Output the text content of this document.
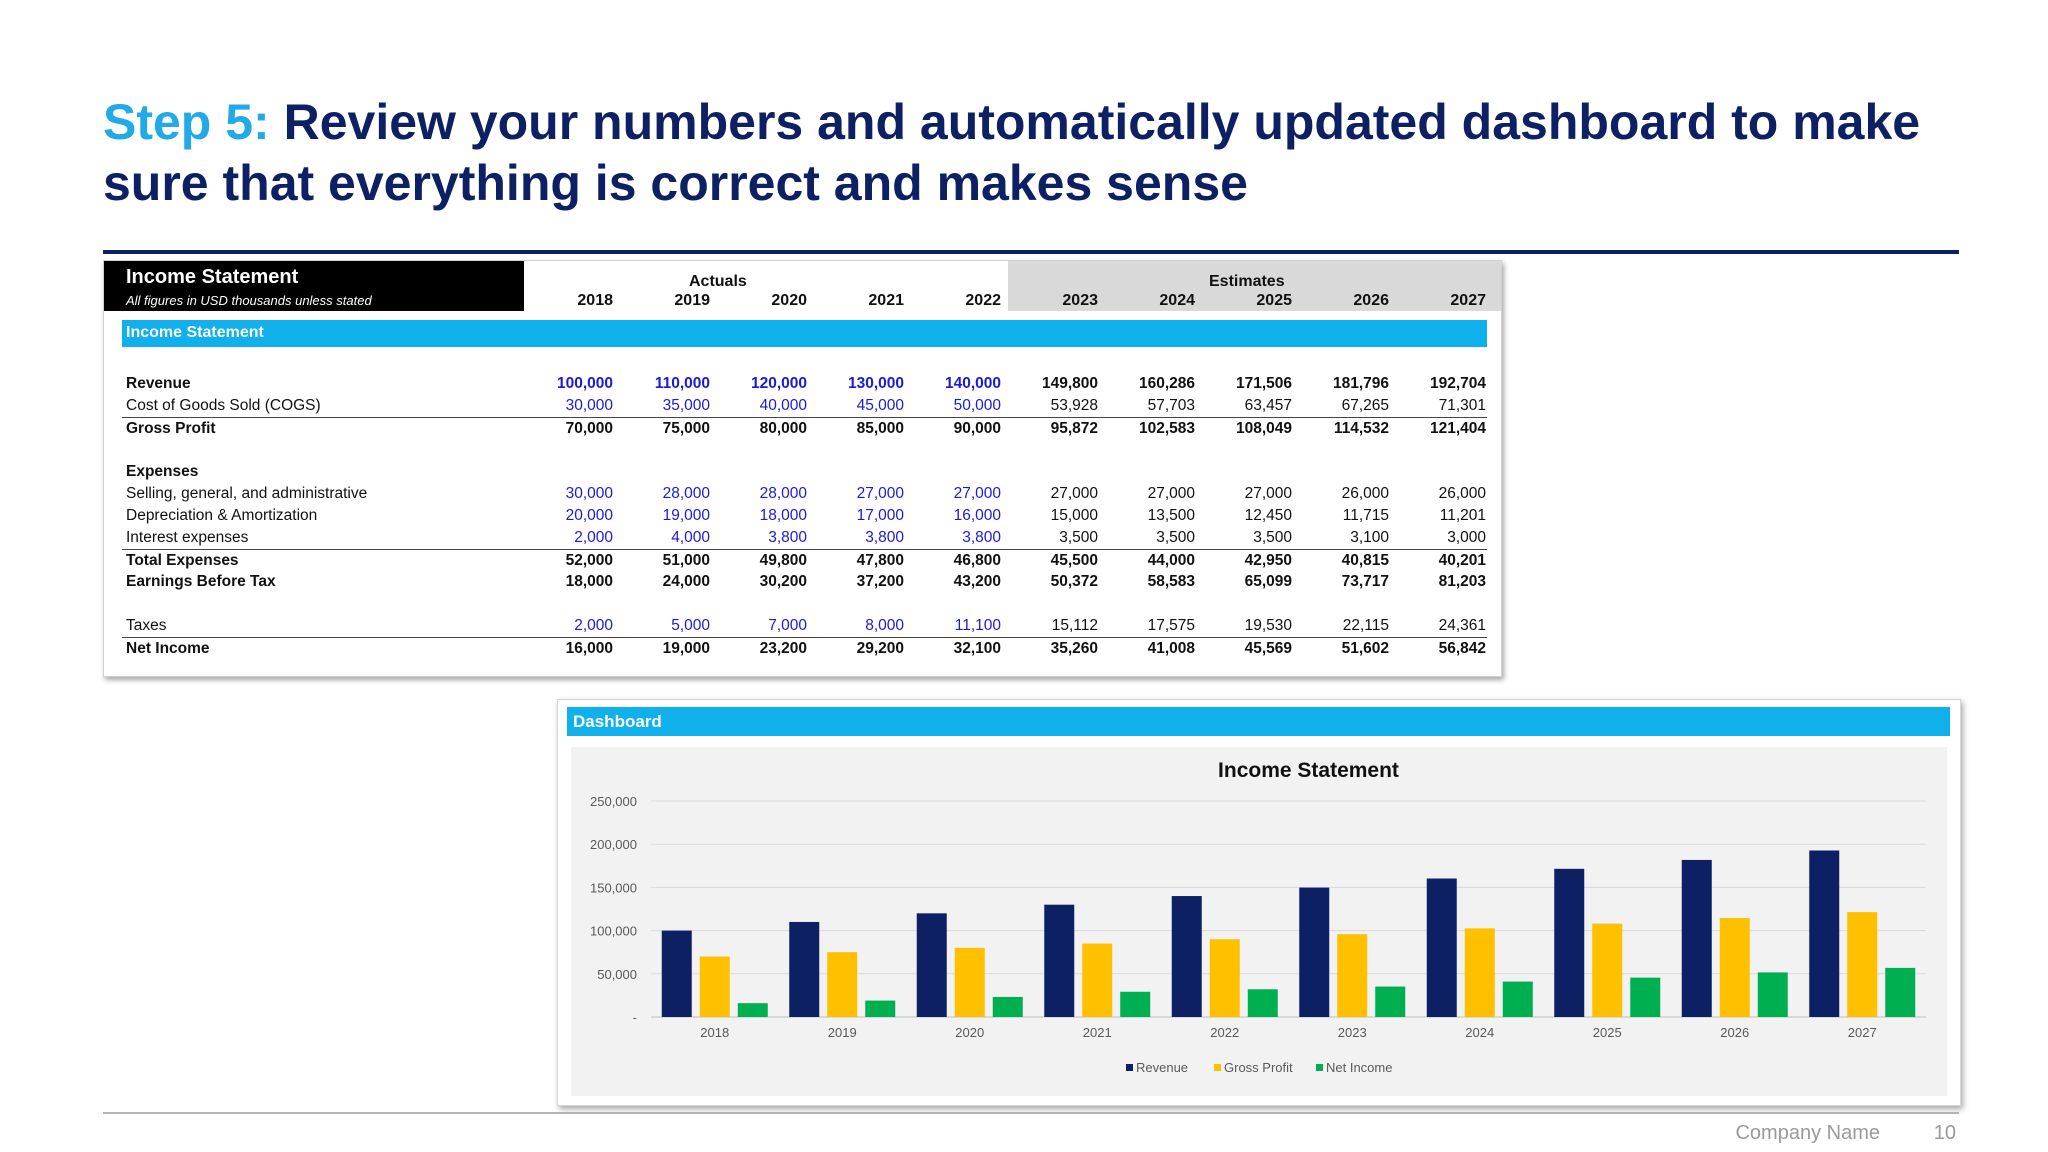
Step 5: Review your numbers and automatically updated dashboard to make sure that everything is correct and makes sense
Income Statement
All figures in USD thousands unless stated
Actuals	Estimates
2018	2019	2020	2021	2022	2023	2024	2025	2026	2027
Income Statement
Revenue	100,000	110,000	120,000	130,000	140,000	149,800	160,286	171,506	181,796	192,704
Cost of Goods Sold (COGS)	30,000	35,000	40,000	45,000	50,000	53,928	57,703	63,457	67,265	71,301
Gross Profit	70,000	75,000	80,000	85,000	90,000	95,872	102,583	108,049	114,532	121,404
Expenses
Selling, general, and administrative	30,000	28,000	28,000	27,000	27,000	27,000	27,000	27,000	26,000	26,000
Depreciation & Amortization	20,000	19,000	18,000	17,000	16,000	15,000	13,500	12,450	11,715	11,201
Interest expenses	2,000	4,000	3,800	3,800	3,800	3,500	3,500	3,500	3,100	3,000
Total Expenses	52,000	51,000	49,800	47,800	46,800	45,500	44,000	42,950	40,815	40,201
Earnings Before Tax	18,000	24,000	30,200	37,200	43,200	50,372	58,583	65,099	73,717	81,203
Taxes	2,000	5,000	7,000	8,000	11,100	15,112	17,575	19,530	22,115	24,361
Net Income	16,000	19,000	23,200	29,200	32,100	35,260	41,008	45,569	51,602	56,842
Dashboard
Income Statement
-
50,000
100,000
150,000
200,000
250,000
2018	2019	2020	2021	2022	2023	2024	2025	2026	2027
Revenue	Gross Profit	Net Income
Company Name	10
